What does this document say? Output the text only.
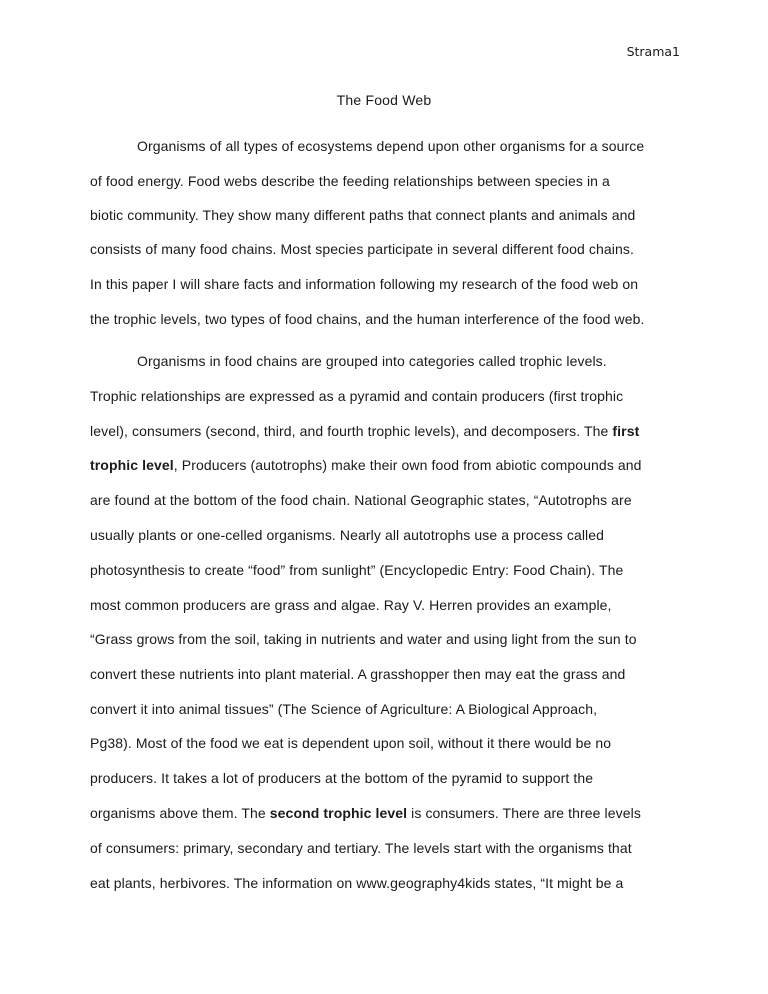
Strama1
The Food Web
Organisms of all types of ecosystems depend upon other organisms for a source
of food energy. Food webs describe the feeding relationships between species in a
biotic community. They show many different paths that connect plants and animals and
consists of many food chains. Most species participate in several different food chains.
In this paper I will share facts and information following my research of the food web on
the trophic levels, two types of food chains, and the human interference of the food web.
Organisms in food chains are grouped into categories called trophic levels.
Trophic relationships are expressed as a pyramid and contain producers (first trophic
level), consumers (second, third, and fourth trophic levels), and decomposers. The first
trophic level, Producers (autotrophs) make their own food from abiotic compounds and
are found at the bottom of the food chain. National Geographic states, “Autotrophs are
usually plants or one-celled organisms. Nearly all autotrophs use a process called
photosynthesis to create “food” from sunlight” (Encyclopedic Entry: Food Chain). The
most common producers are grass and algae. Ray V. Herren provides an example,
“Grass grows from the soil, taking in nutrients and water and using light from the sun to
convert these nutrients into plant material. A grasshopper then may eat the grass and
convert it into animal tissues” (The Science of Agriculture: A Biological Approach,
Pg38). Most of the food we eat is dependent upon soil, without it there would be no
producers. It takes a lot of producers at the bottom of the pyramid to support the
organisms above them. The second trophic level is consumers. There are three levels
of consumers: primary, secondary and tertiary. The levels start with the organisms that
eat plants, herbivores. The information on www.geography4kids states, “It might be a
